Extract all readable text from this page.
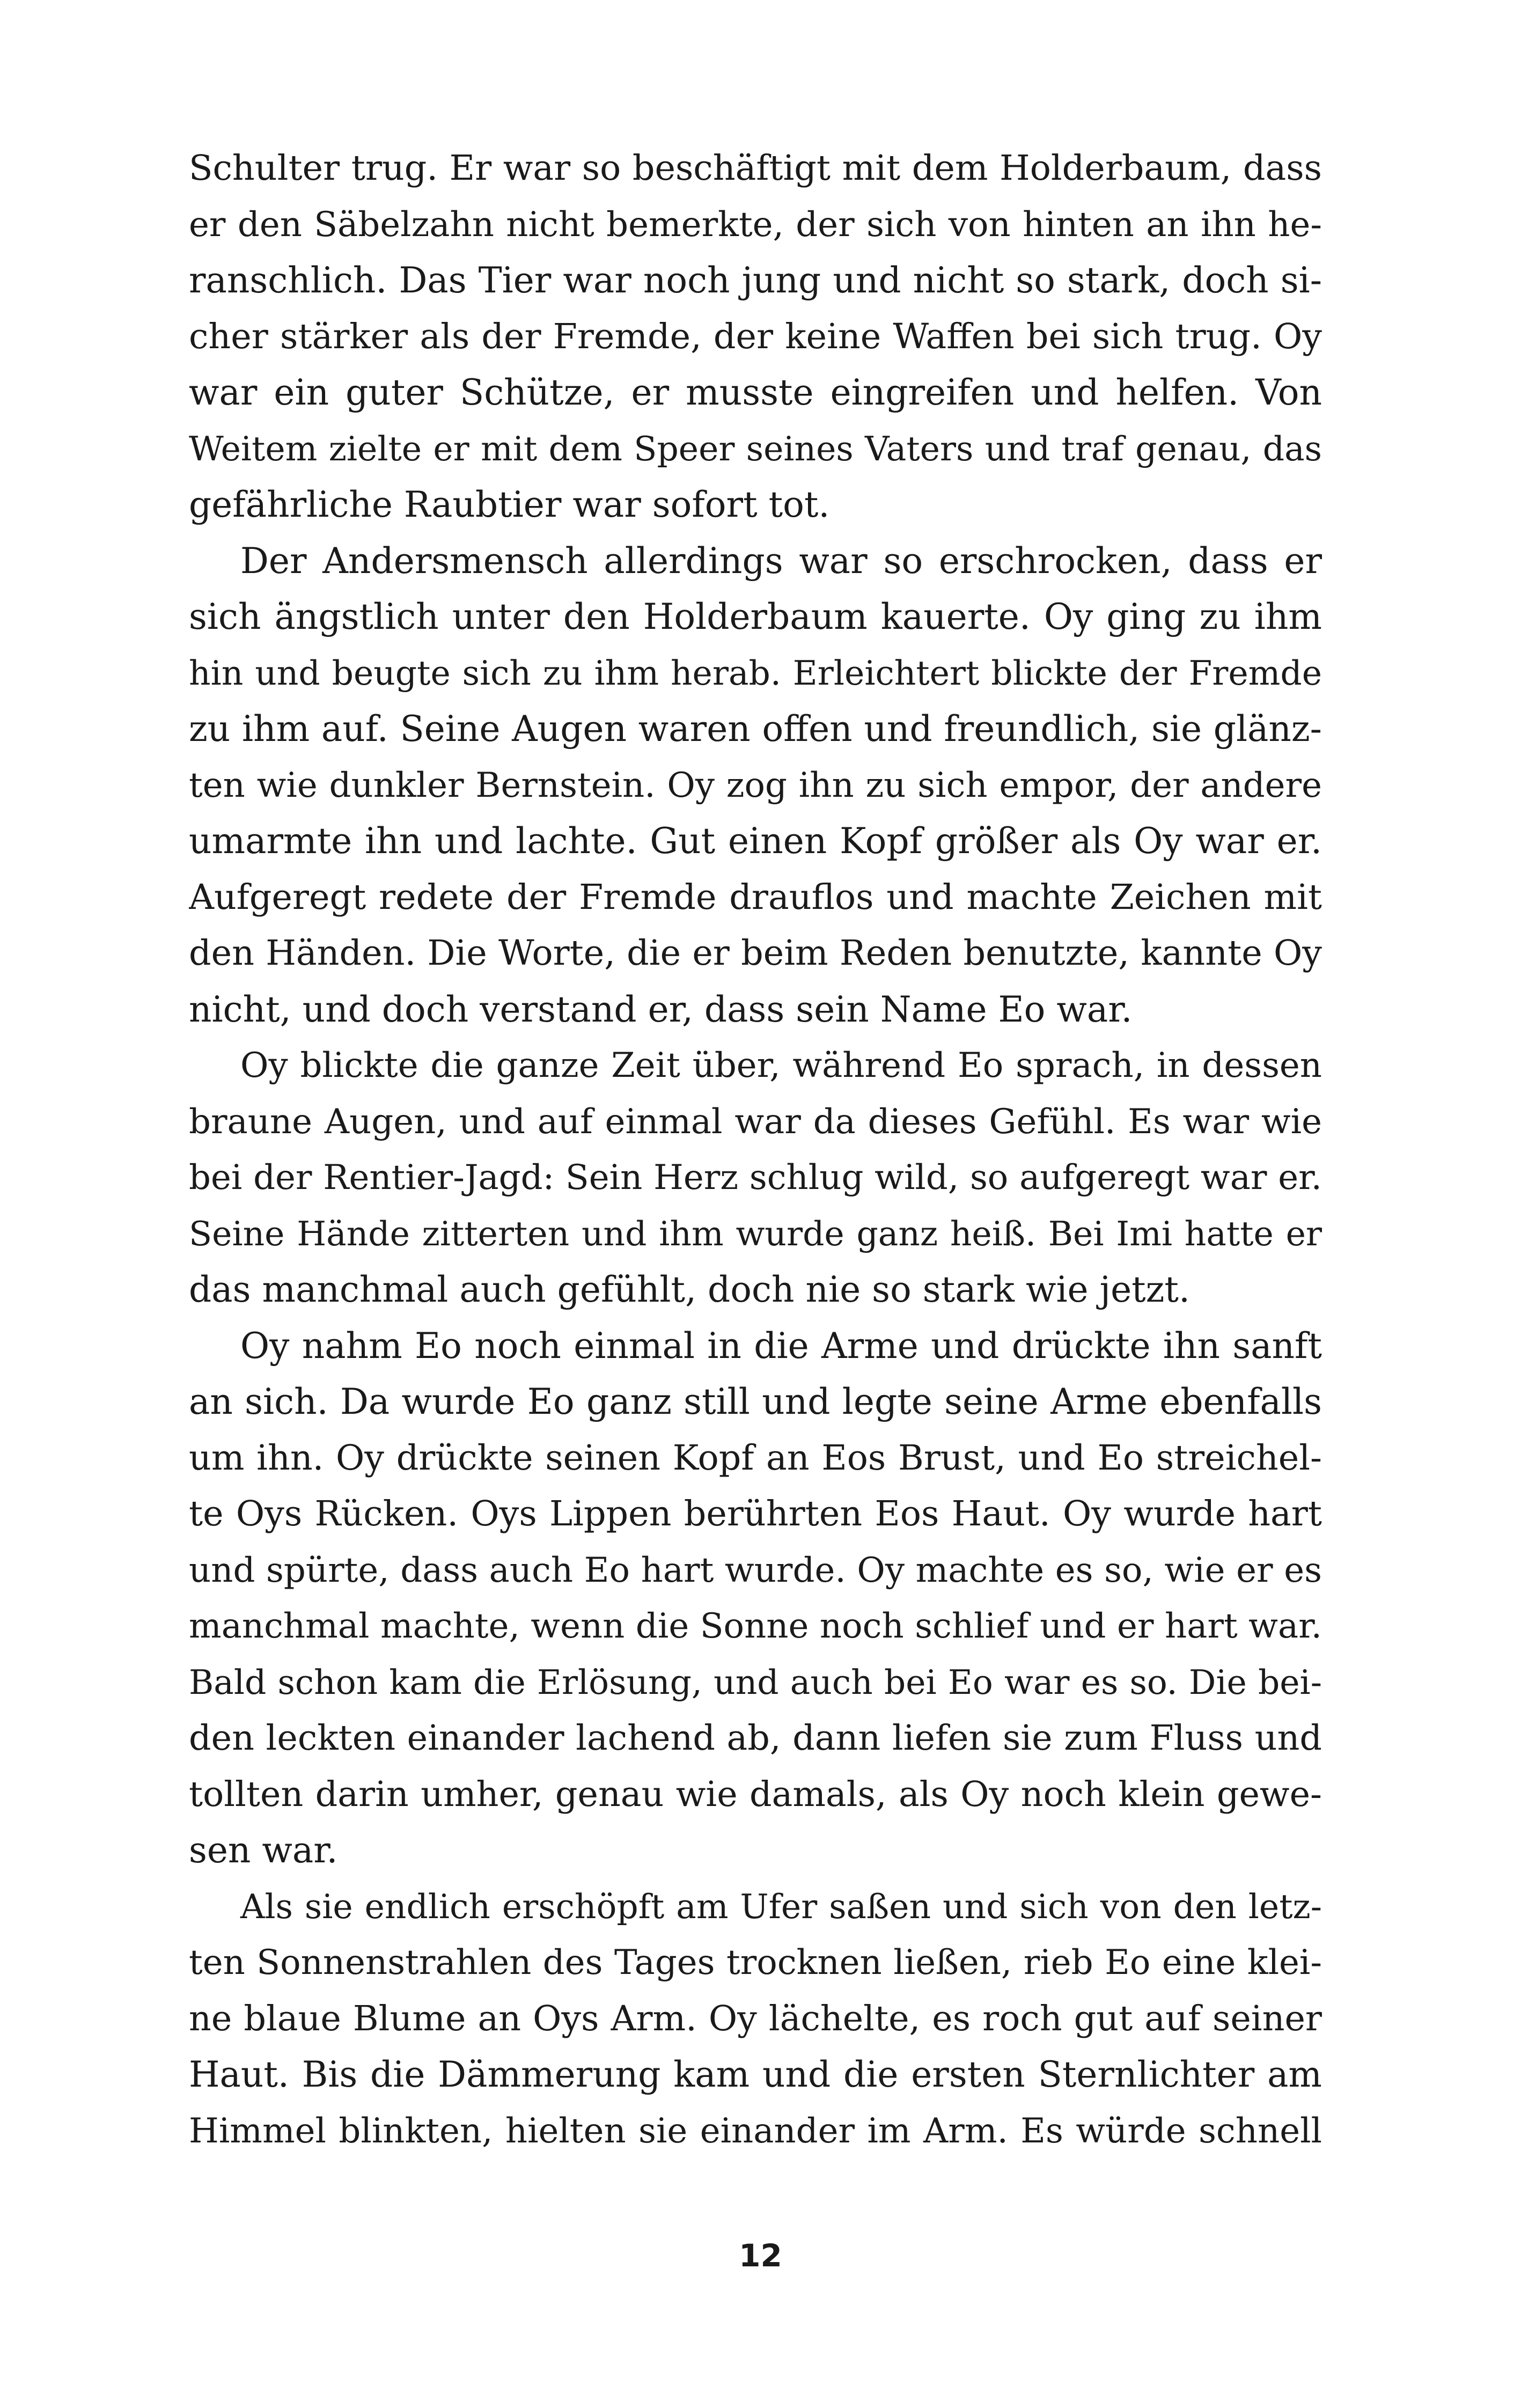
Schulter trug. Er war so beschäftigt mit dem Holderbaum, dass
er den Säbelzahn nicht bemerkte, der sich von hinten an ihn he-
ranschlich. Das Tier war noch jung und nicht so stark, doch si-
cher stärker als der Fremde, der keine Waffen bei sich trug. Oy
war ein guter Schütze, er musste eingreifen und helfen. Von
Weitem zielte er mit dem Speer seines Vaters und traf genau, das
gefährliche Raubtier war sofort tot.
Der Andersmensch allerdings war so erschrocken, dass er
sich ängstlich unter den Holderbaum kauerte. Oy ging zu ihm
hin und beugte sich zu ihm herab. Erleichtert blickte der Fremde
zu ihm auf. Seine Augen waren offen und freundlich, sie glänz-
ten wie dunkler Bernstein. Oy zog ihn zu sich empor, der andere
umarmte ihn und lachte. Gut einen Kopf größer als Oy war er.
Aufgeregt redete der Fremde drauflos und machte Zeichen mit
den Händen. Die Worte, die er beim Reden benutzte, kannte Oy
nicht, und doch verstand er, dass sein Name Eo war.
Oy blickte die ganze Zeit über, während Eo sprach, in dessen
braune Augen, und auf einmal war da dieses Gefühl. Es war wie
bei der Rentier-Jagd: Sein Herz schlug wild, so aufgeregt war er.
Seine Hände zitterten und ihm wurde ganz heiß. Bei Imi hatte er
das manchmal auch gefühlt, doch nie so stark wie jetzt.
Oy nahm Eo noch einmal in die Arme und drückte ihn sanft
an sich. Da wurde Eo ganz still und legte seine Arme ebenfalls
um ihn. Oy drückte seinen Kopf an Eos Brust, und Eo streichel-
te Oys Rücken. Oys Lippen berührten Eos Haut. Oy wurde hart
und spürte, dass auch Eo hart wurde. Oy machte es so, wie er es
manchmal machte, wenn die Sonne noch schlief und er hart war.
Bald schon kam die Erlösung, und auch bei Eo war es so. Die bei-
den leckten einander lachend ab, dann liefen sie zum Fluss und
tollten darin umher, genau wie damals, als Oy noch klein gewe-
sen war.
Als sie endlich erschöpft am Ufer saßen und sich von den letz-
ten Sonnenstrahlen des Tages trocknen ließen, rieb Eo eine klei-
ne blaue Blume an Oys Arm. Oy lächelte, es roch gut auf seiner
Haut. Bis die Dämmerung kam und die ersten Sternlichter am
Himmel blinkten, hielten sie einander im Arm. Es würde schnell
12
